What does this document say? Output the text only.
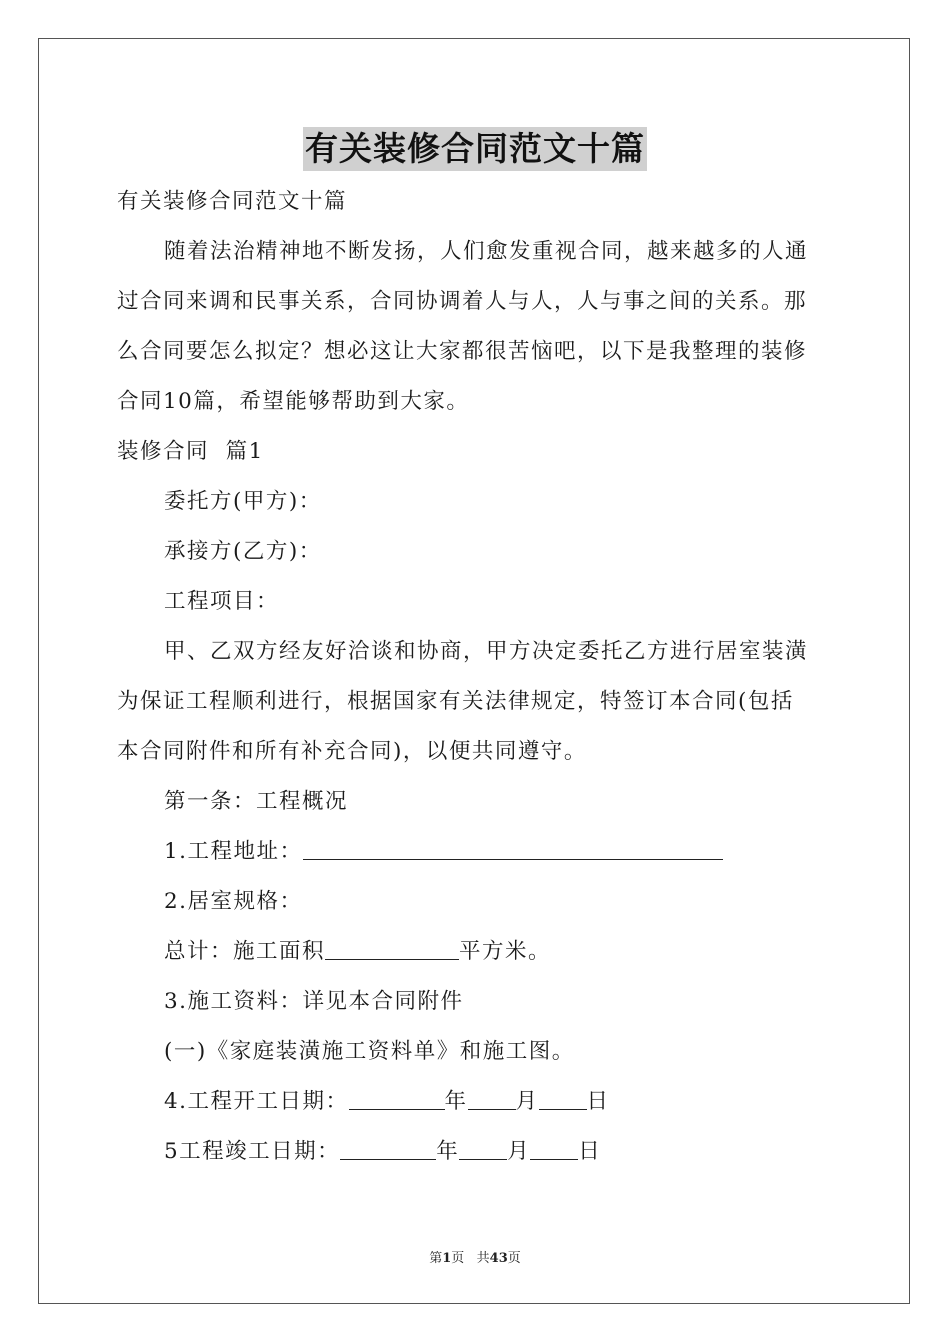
有关装修合同范文十篇
有关装修合同范文十篇
随着法治精神地不断发扬，人们愈发重视合同，越来越多的人通
过合同来调和民事关系，合同协调着人与人，人与事之间的关系。那
么合同要怎么拟定？想必这让大家都很苦恼吧，以下是我整理的装修
合同10篇，希望能够帮助到大家。
装修合同  篇1
委托方(甲方)：
承接方(乙方)：
工程项目：
甲、乙双方经友好洽谈和协商，甲方决定委托乙方进行居室装潢
为保证工程顺利进行，根据国家有关法律规定，特签订本合同(包括
本合同附件和所有补充合同)，以便共同遵守。
第一条：工程概况
1.工程地址：
2.居室规格：
总计：施工面积	平方米。
3.施工资料：详见本合同附件
(一)《家庭装潢施工资料单》和施工图。
4.工程开工日期：	年 月 日
5工程竣工日期：	年 月 日
第1页   共43页
